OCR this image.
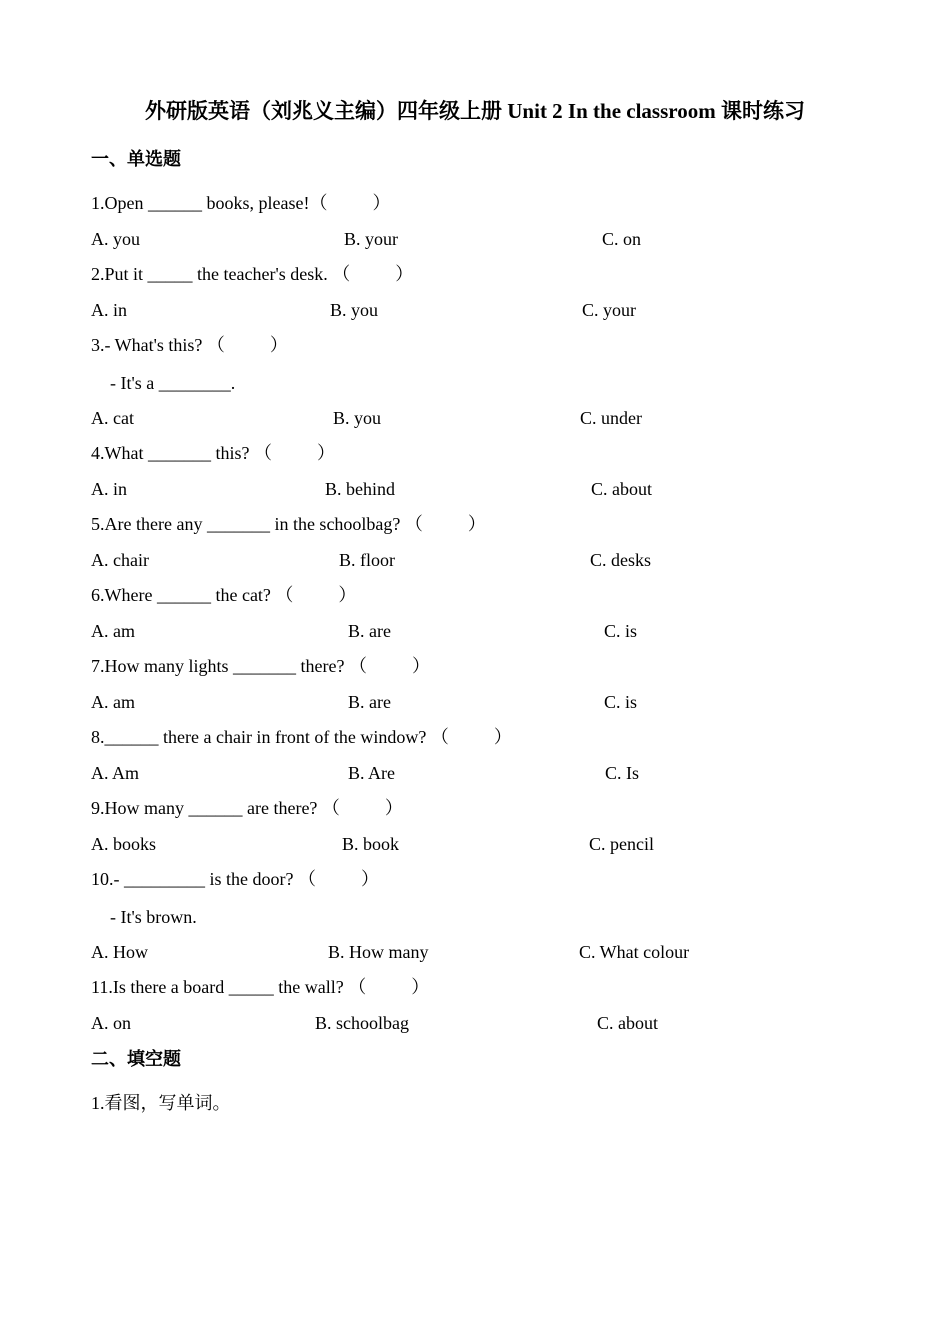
外研版英语（刘兆义主编）四年级上册 Unit 2 In the classroom 课时练习
一、单选题
1.Open ______ books, please!（          ）
A. you	B. your	C. on
2.Put it _____ the teacher's desk. （          ）
A. in	B. you	C. your
3.- What's this? （          ）
- It's a ________.
A. cat	B. you	C. under
4.What _______ this? （          ）
A. in	B. behind	C. about
5.Are there any _______ in the schoolbag? （          ）
A. chair	B. floor	C. desks
6.Where ______ the cat? （          ）
A. am	B. are	C. is
7.How many lights _______ there? （          ）
A. am	B. are	C. is
8.______ there a chair in front of the window? （          ）
A. Am	B. Are	C. Is
9.How many ______ are there? （          ）
A. books	B. book	C. pencil
10.- _________ is the door? （          ）
- It's brown.
A. How	B. How many	C. What colour
11.Is there a board _____ the wall? （          ）
A. on	B. schoolbag	C. about
二、填空题
1.看图，写单词。
